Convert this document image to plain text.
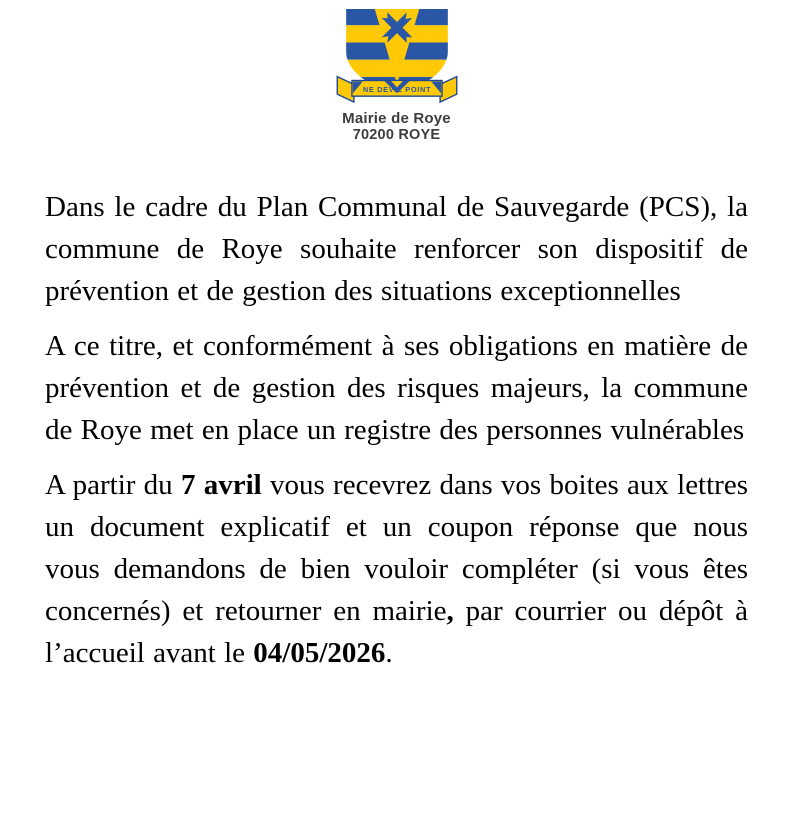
NE DEVIE POINT
Mairie de Roye
70200 ROYE

Dans le cadre du Plan Communal de Sauvegarde (PCS), la commune de Roye souhaite renforcer son dispositif de prévention et de gestion des situations exceptionnelles

A ce titre, et conformément à ses obligations en matière de prévention et de gestion des risques majeurs, la commune de Roye met en place un registre des personnes vulnérables

A partir du 7 avril vous recevrez dans vos boites aux lettres un document explicatif et un coupon réponse que nous vous demandons de bien vouloir compléter (si vous êtes concernés) et retourner en mairie, par courrier ou dépôt à l’accueil avant le 04/05/2026.
